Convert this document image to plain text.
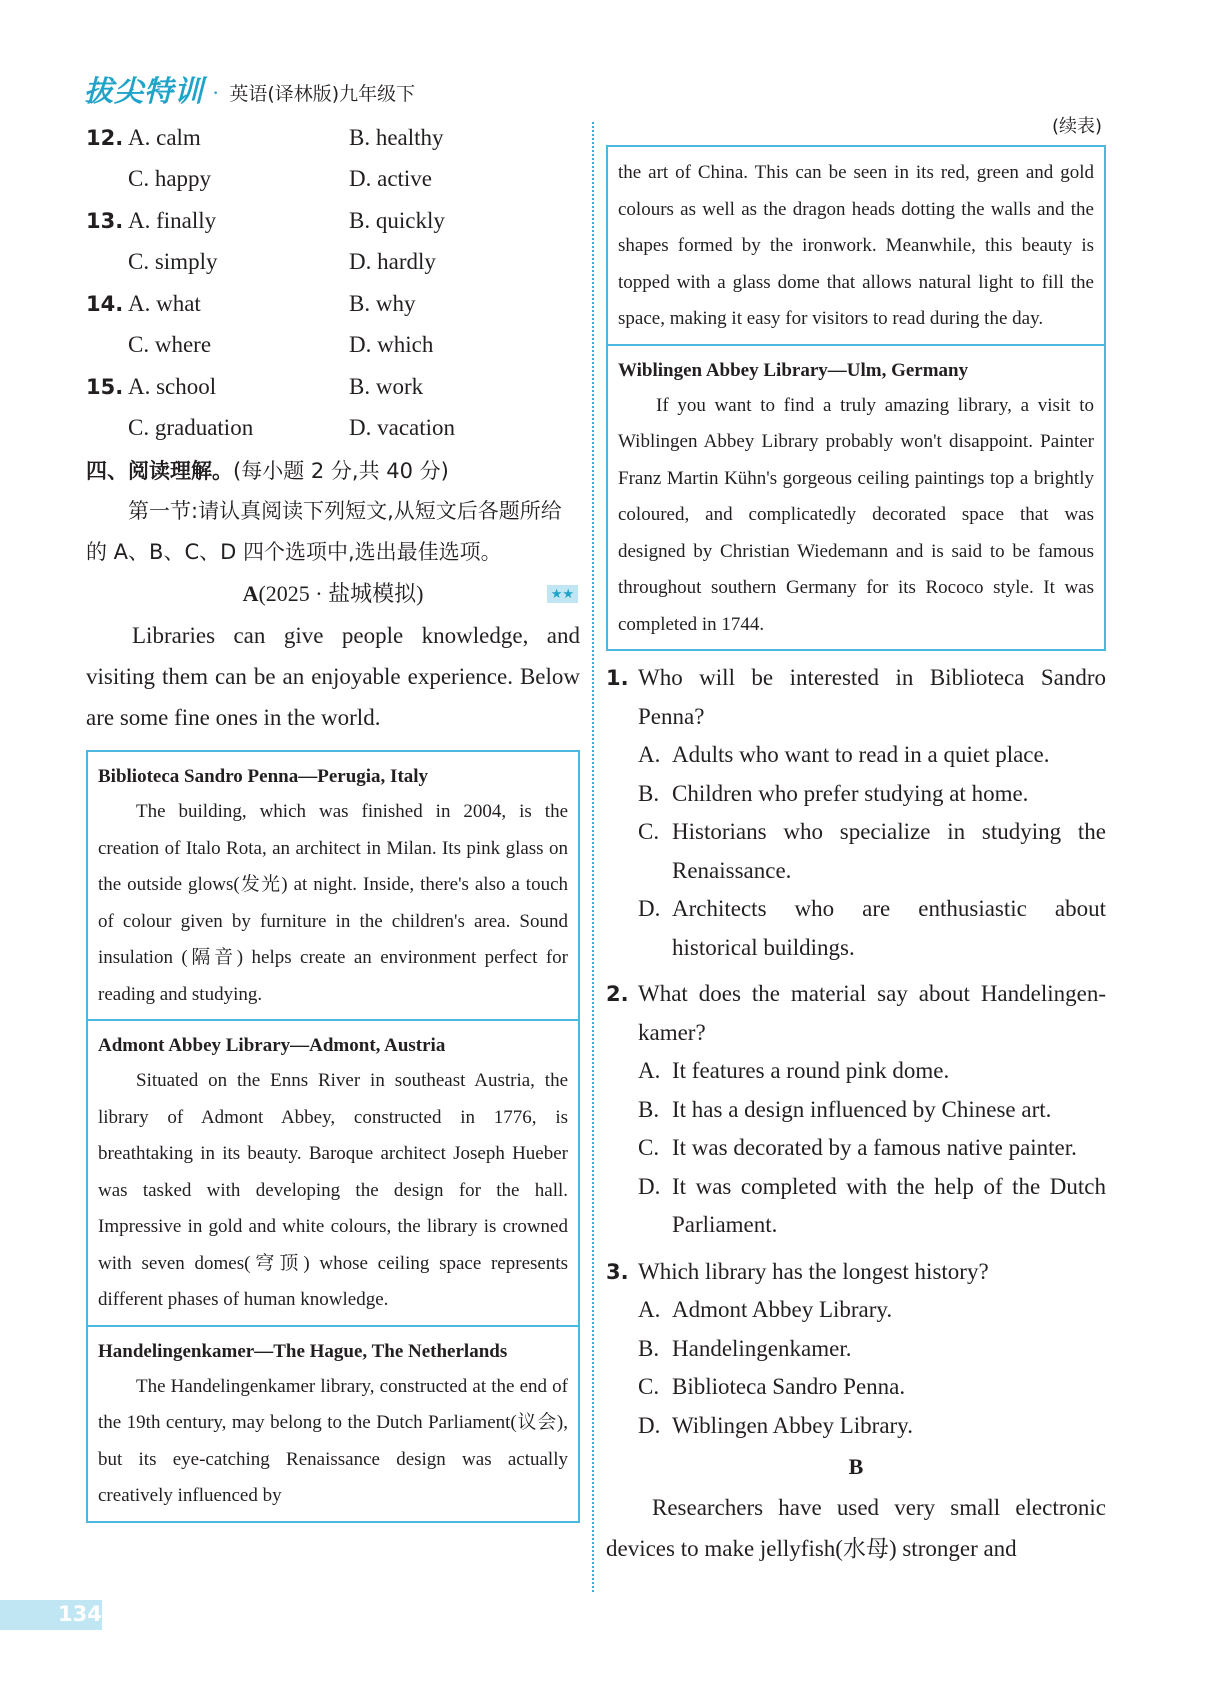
拔尖特训 · 英语(译林版)九年级下
12. A. calm	B. healthy
C. happy	D. active
13. A. finally	B. quickly
C. simply	D. hardly
14. A. what	B. why
C. where	D. which
15. A. school	B. work
C. graduation	D. vacation
四、阅读理解。(每小题 2 分,共 40 分)
第一节:请认真阅读下列短文,从短文后各题所给的 A、B、C、D 四个选项中,选出最佳选项。
A(2025 · 盐城模拟)	★★

Libraries can give people knowledge, and visiting them can be an enjoyable experience. Below are some fine ones in the world.

Biblioteca Sandro Penna—Perugia, Italy

The building, which was finished in 2004, is the creation of Italo Rota, an architect in Milan. Its pink glass on the outside glows(发光) at night. Inside, there's also a touch of colour given by furniture in the children's area. Sound insulation (隔音) helps create an environment perfect for reading and studying.

Admont Abbey Library—Admont, Austria

Situated on the Enns River in southeast Austria, the library of Admont Abbey, constructed in 1776, is breathtaking in its beauty. Baroque architect Joseph Hueber was tasked with developing the design for the hall. Impressive in gold and white colours, the library is crowned with seven domes(穹顶) whose ceiling space represents different phases of human knowledge.

Handelingenkamer—The Hague, The Netherlands

The Handelingenkamer library, constructed at the end of the 19th century, may belong to the Dutch Parliament(议会), but its eye-catching Renaissance design was actually creatively influenced by

(续表)

the art of China. This can be seen in its red, green and gold colours as well as the dragon heads dotting the walls and the shapes formed by the ironwork. Meanwhile, this beauty is topped with a glass dome that allows natural light to fill the space, making it easy for visitors to read during the day.

Wiblingen Abbey Library—Ulm, Germany

If you want to find a truly amazing library, a visit to Wiblingen Abbey Library probably won't disappoint. Painter Franz Martin Kühn's gorgeous ceiling paintings top a brightly coloured, and complicatedly decorated space that was designed by Christian Wiedemann and is said to be famous throughout southern Germany for its Rococo style. It was completed in 1744.

1. Who will be interested in Biblioteca Sandro Penna?
A. Adults who want to read in a quiet place.
B. Children who prefer studying at home.
C. Historians who specialize in studying the Renaissance.
D. Architects who are enthusiastic about historical buildings.
2. What does the material say about Handelingen-kamer?
A. It features a round pink dome.
B. It has a design influenced by Chinese art.
C. It was decorated by a famous native painter.
D. It was completed with the help of the Dutch Parliament.
3. Which library has the longest history?
A. Admont Abbey Library.
B. Handelingenkamer.
C. Biblioteca Sandro Penna.
D. Wiblingen Abbey Library.
B

Researchers have used very small electronic devices to make jellyfish(水母) stronger and

134
